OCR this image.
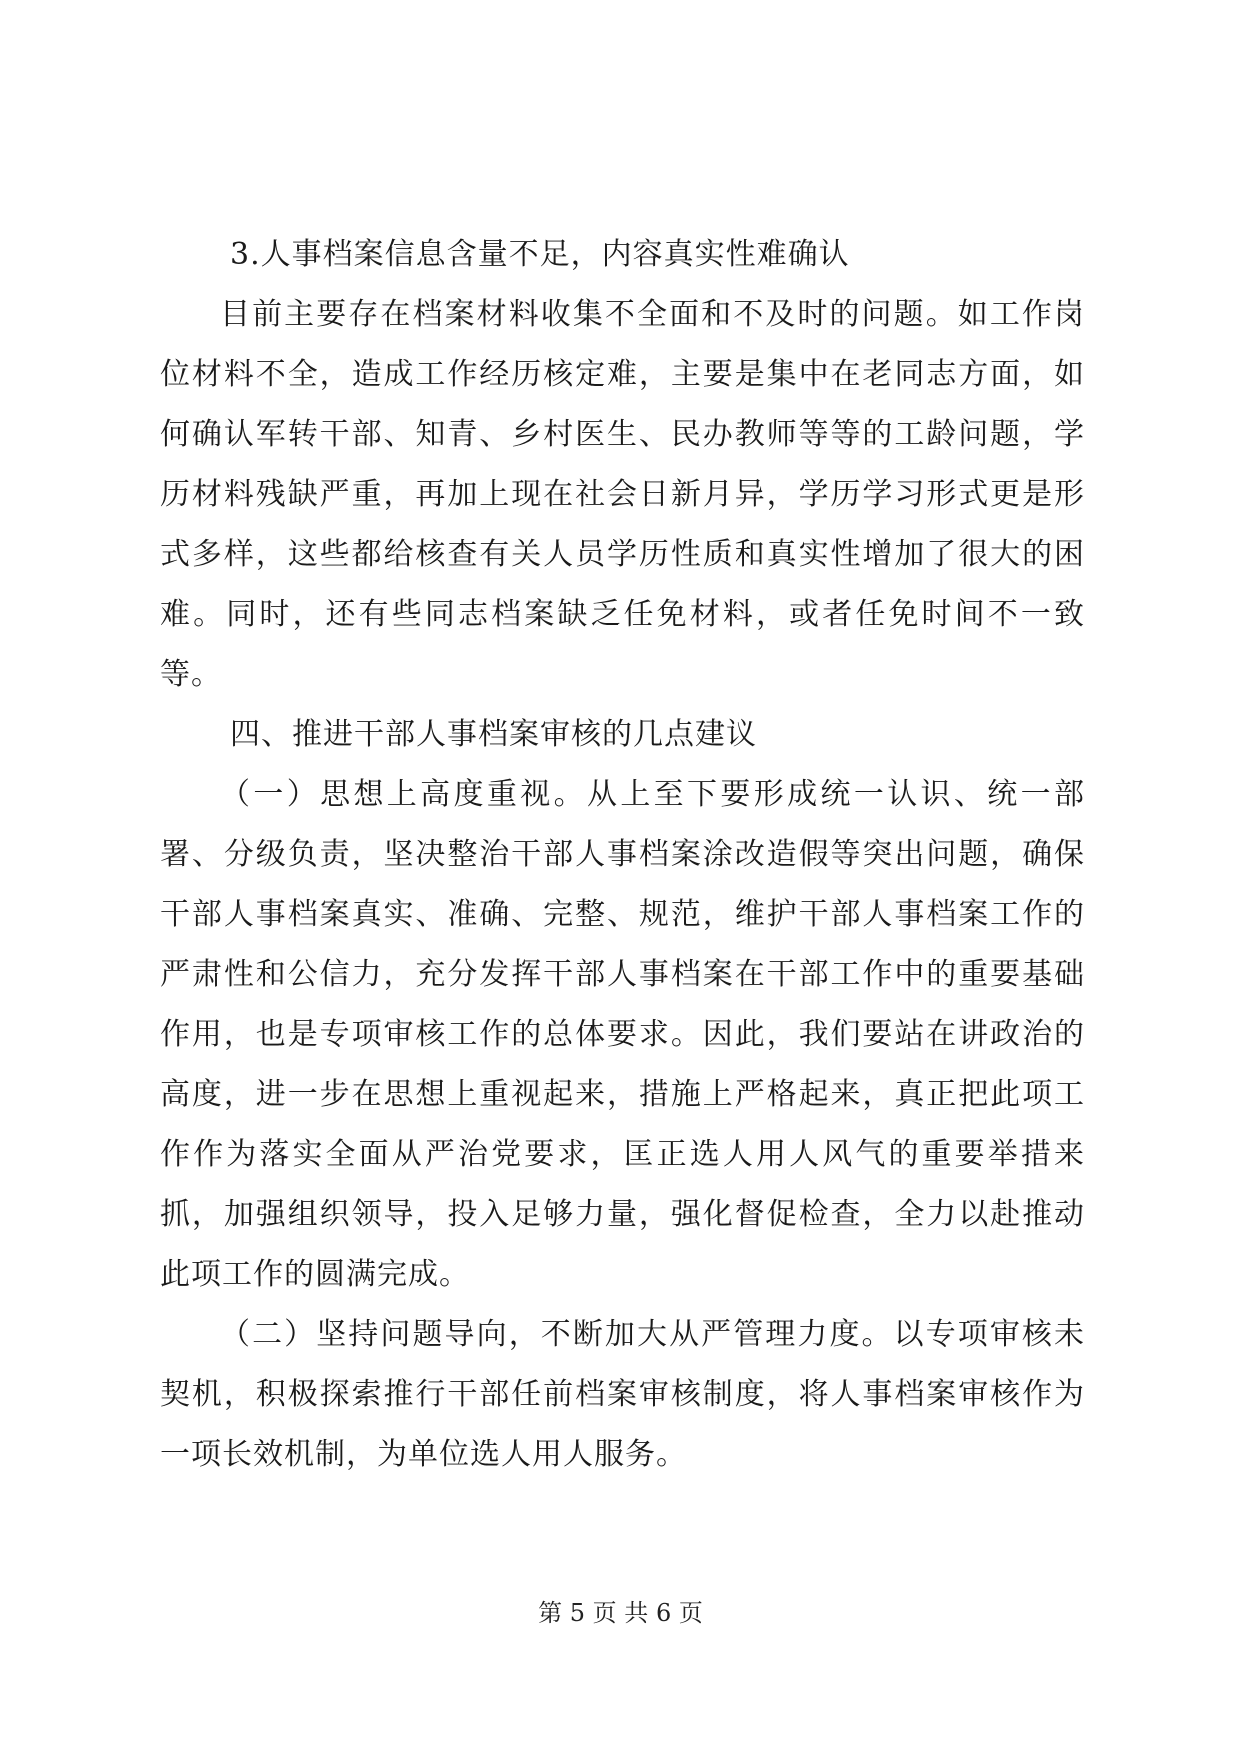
3.人事档案信息含量不足，内容真实性难确认

目前主要存在档案材料收集不全面和不及时的问题。如工作岗位材料不全，造成工作经历核定难，主要是集中在老同志方面，如何确认军转干部、知青、乡村医生、民办教师等等的工龄问题，学历材料残缺严重，再加上现在社会日新月异，学历学习形式更是形式多样，这些都给核查有关人员学历性质和真实性增加了很大的困难。同时，还有些同志档案缺乏任免材料，或者任免时间不一致等。

四、推进干部人事档案审核的几点建议

（一）思想上高度重视。从上至下要形成统一认识、统一部署、分级负责，坚决整治干部人事档案涂改造假等突出问题，确保干部人事档案真实、准确、完整、规范，维护干部人事档案工作的严肃性和公信力，充分发挥干部人事档案在干部工作中的重要基础作用，也是专项审核工作的总体要求。因此，我们要站在讲政治的高度，进一步在思想上重视起来，措施上严格起来，真正把此项工作作为落实全面从严治党要求，匡正选人用人风气的重要举措来抓，加强组织领导，投入足够力量，强化督促检查，全力以赴推动此项工作的圆满完成。

（二）坚持问题导向，不断加大从严管理力度。以专项审核未契机，积极探索推行干部任前档案审核制度，将人事档案审核作为一项长效机制，为单位选人用人服务。

第 5 页 共 6 页
